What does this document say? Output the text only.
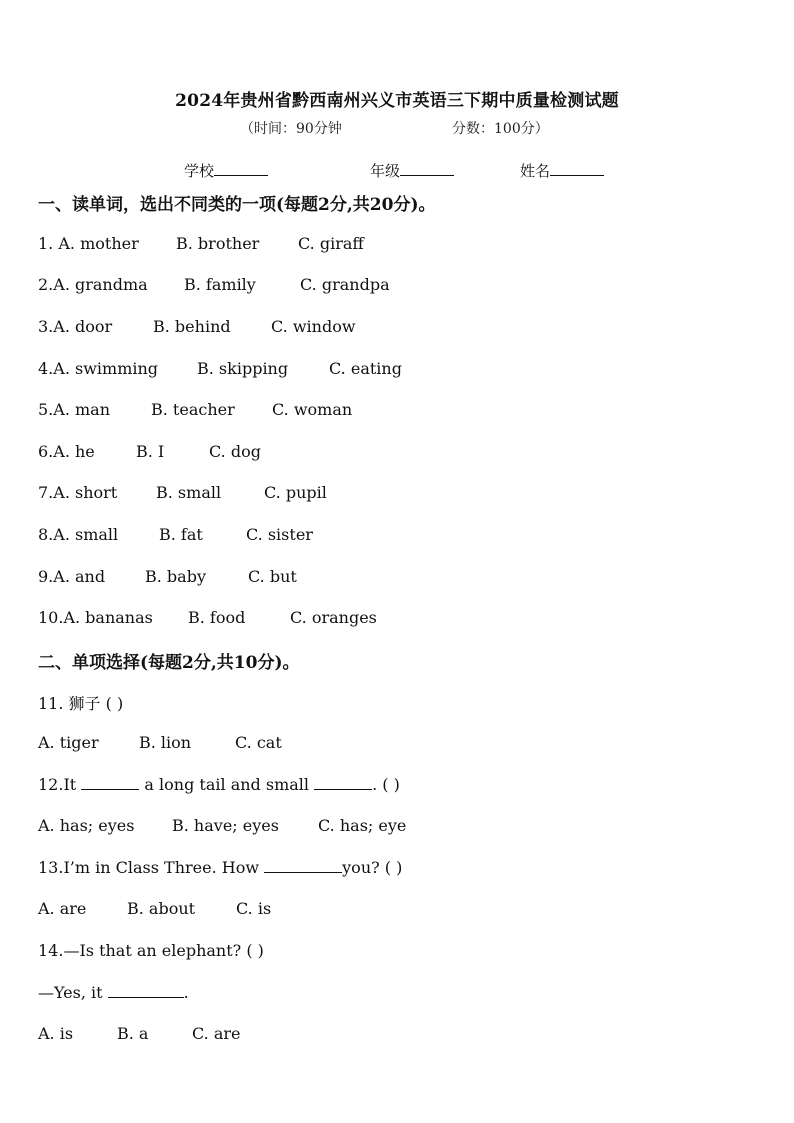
2024年贵州省黔西南州兴义市英语三下期中质量检测试题
（时间：90分钟	分数：100分）
学校	年级	姓名
一、读单词，选出不同类的一项(每题2分,共20分)。
1. A. mother B. brother C. giraff
2.A. grandma B. family	C. grandpa
3.A. door	B. behind	C. window
4.A. swimming B. skipping	C. eating
5.A. man	B. teacher C. woman
6.A. he	B. I	C. dog
7.A. short B. small	C. pupil
8.A. small	B. fat	C. sister
9.A. and B. baby	C. but
10.A. bananas B. food	C. oranges
二、单项选择(每题2分,共10分)。
11. 狮子 ( )
A. tiger	B. lion	C. cat
12.It	a long tail and small	. ( )
A. has; eyes B. have; eyes C. has; eye
13.I’m in Class Three. How	you? ( )
A. are	B. about	C. is
14.—Is that an elephant? ( )
—Yes, it	.
A. is	B. a	C. are
